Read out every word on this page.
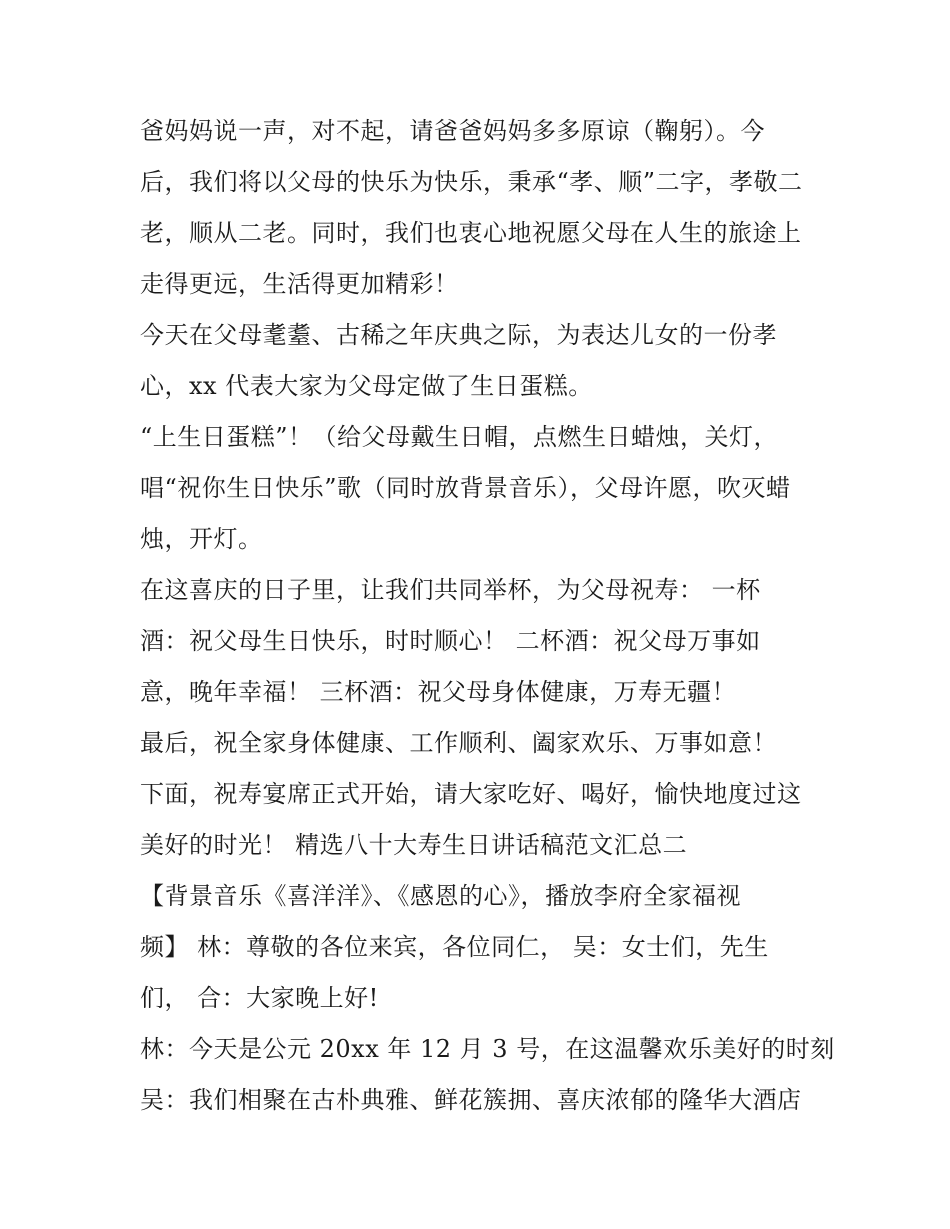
爸妈妈说一声，对不起，请爸爸妈妈多多原谅（鞠躬）。今
后，我们将以父母的快乐为快乐，秉承“孝、顺”二字，孝敬二
老，顺从二老。同时，我们也衷心地祝愿父母在人生的旅途上
走得更远，生活得更加精彩！
今天在父母耄耋、古稀之年庆典之际，为表达儿女的一份孝
心，xx 代表大家为父母定做了生日蛋糕。
“上生日蛋糕”！（给父母戴生日帽，点燃生日蜡烛，关灯，
唱“祝你生日快乐”歌（同时放背景音乐），父母许愿，吹灭蜡
烛，开灯。
在这喜庆的日子里，让我们共同举杯，为父母祝寿： 一杯
酒：祝父母生日快乐，时时顺心！ 二杯酒：祝父母万事如
意，晚年幸福！ 三杯酒：祝父母身体健康，万寿无疆！
最后，祝全家身体健康、工作顺利、阖家欢乐、万事如意！
下面，祝寿宴席正式开始，请大家吃好、喝好，愉快地度过这
美好的时光！ 精选八十大寿生日讲话稿范文汇总二
【背景音乐《喜洋洋》、《感恩的心》，播放李府全家福视
频】 林：尊敬的各位来宾，各位同仁， 吴：女士们，先生
们， 合：大家晚上好!
林：今天是公元 20xx 年 12 月 3 号，在这温馨欢乐美好的时刻
吴：我们相聚在古朴典雅、鲜花簇拥、喜庆浓郁的隆华大酒店
